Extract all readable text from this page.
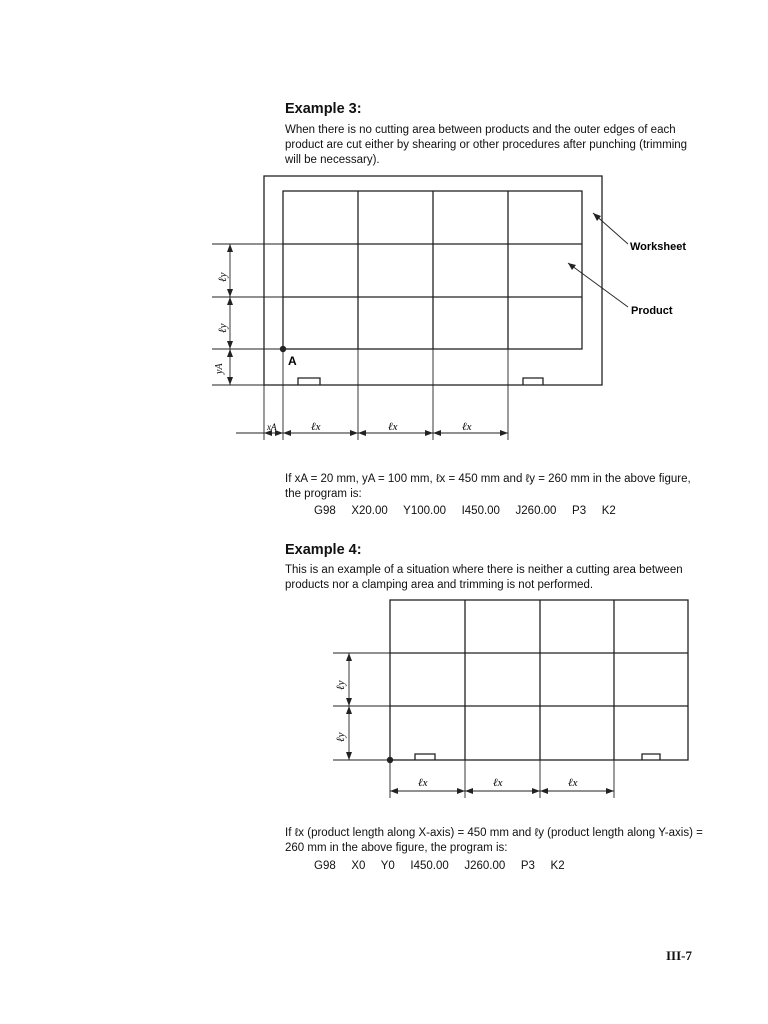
Example 3:

When there is no cutting area between products and the outer edges of each product are cut either by shearing or other procedures after punching (trimming will be necessary).

A
Worksheet
Product
xA	ℓx	ℓx	ℓx
ℓy
ℓy
yA

If xA = 20 mm, yA = 100 mm, ℓx = 450 mm and ℓy = 260 mm in the above figure, the program is:

G98   X20.00   Y100.00   I450.00   J260.00   P3   K2

Example 4:

This is an example of a situation where there is neither a cutting area between products nor a clamping area and trimming is not performed.

ℓx	ℓx	ℓx
ℓy
ℓy

If ℓx (product length along X-axis) = 450 mm and ℓy (product length along Y-axis) = 260 mm in the above figure, the program is:

G98   X0   Y0   I450.00   J260.00   P3   K2
III-7
